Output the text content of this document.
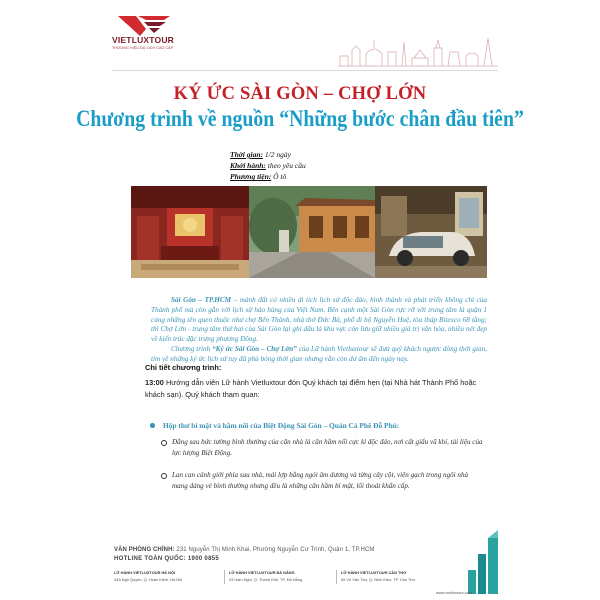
VIETLUXTOUR
THƯƠNG HIỆU DU LỊCH CAO CẤP
KÝ ỨC SÀI GÒN – CHỢ LỚN
Chương trình về nguồn “Những bước chân đầu tiên”
Thời gian: 1/2 ngày
Khởi hành: theo yêu cầu
Phương tiện: Ô tô

Sài Gòn – TP.HCM – mảnh đất có nhiều di tích lịch sử độc đáo, hình thành và phát triển không chỉ của Thành phố mà còn gắn với lịch sử hào hùng của Việt Nam. Bên cạnh một Sài Gòn rực rỡ với trung tâm là quận 1 cùng những tên quen thuộc như chợ Bến Thành, nhà thờ Đức Bà, phố đi bộ Nguyễn Huệ, tòa tháp Bitexco 68 tầng; thì Chợ Lớn - trung tâm thứ hai của Sài Gòn lại ghi dấu là khu vực còn lưu giữ nhiều giá trị văn hóa, nhiều nét đẹp về kiến trúc đặc trưng phương Đông.

Chương trình “Ký ức Sài Gòn – Chợ Lớn” của Lữ hành Vietluxtour sẽ đưa quý khách ngược dòng thời gian, tìm về những ký ức lịch sử tuy đã phủ bóng thời gian nhưng vẫn còn dư âm đến ngày nay.

Chi tiết chương trình:
13:00 Hướng dẫn viên Lữ hành Vietluxtour đón Quý khách tại điểm hẹn (tại Nhà hát Thành Phố hoặc khách sạn). Quý khách tham quan:
Hộp thư bí mật và hầm nổi của Biệt Động Sài Gòn – Quán Cà Phê Đỗ Phủ:
Đằng sau bức tường bình thường của căn nhà là căn hầm nổi cực kì độc đáo, nơi cất giấu vũ khí, tài liệu của lực lượng Biệt Động.
Lan can cánh giới phía sau nhà, mái lợp bằng ngói âm dương và từng cây cột, viên gạch trong ngôi nhà mang dáng vẻ bình thường nhưng đều là những căn hầm bí mật, lối thoát khẩn cấp.
VĂN PHÒNG CHÍNH: 231 Nguyễn Thị Minh Khai, Phường Nguyễn Cư Trinh, Quận 1, TP.HCM
HOTLINE TOÀN QUỐC: 1900 0855
LỮ HÀNH VIETLUXTOUR HÀ NỘI
43A Ngô Quyền, Q. Hoàn Kiếm, Hà Nội
LỮ HÀNH VIETLUXTOUR ĐÀ NẴNG
93 Hàm Nghi, Q. Thanh Khê, TP. Đà Nẵng
LỮ HÀNH VIETLUXTOUR CẦN THƠ
59 Võ Văn Tần, Q. Ninh Kiều, TP. Cần Thơ
www.vietluxtour.com
